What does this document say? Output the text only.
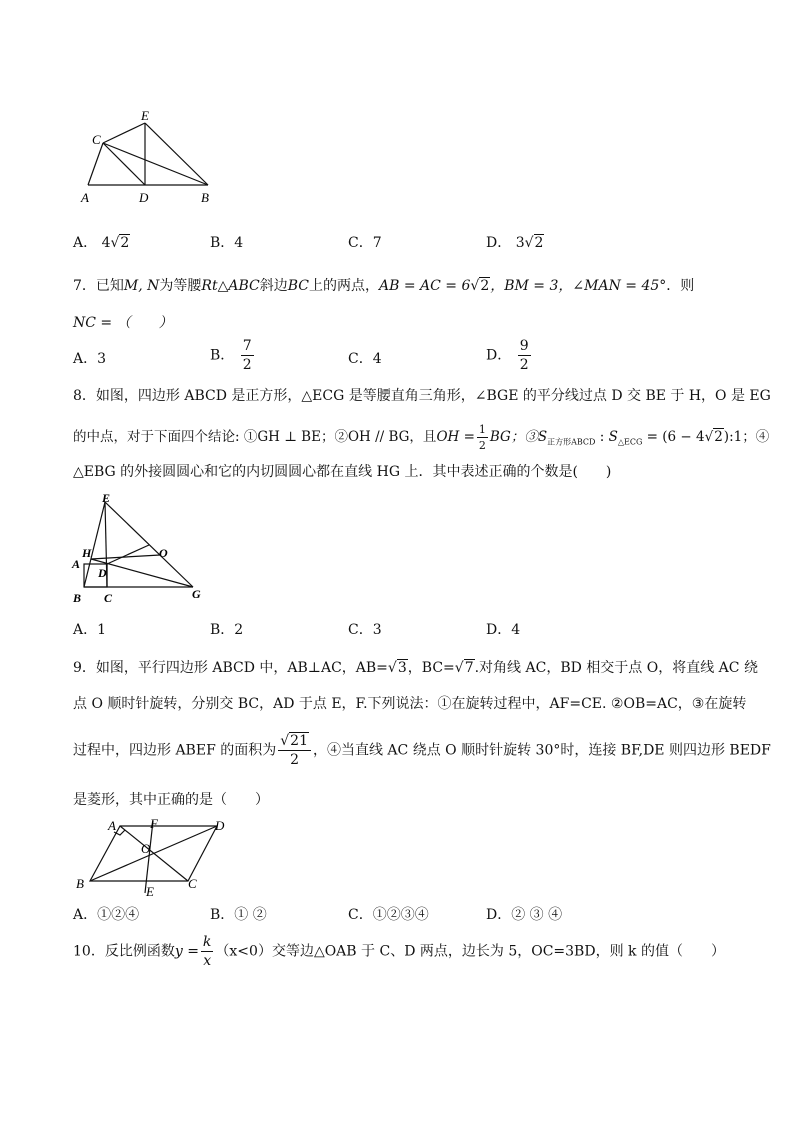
E
C
A	D	B
A． 4√2	B．4	C．7	D． 3√2
7．已知M, N为等腰Rt△ABC斜边BC上的两点，AB = AC = 6√2，BM = 3，∠MAN = 45°．则
NC = （　　）
A．3	B． $\frac{7}{2}$	C．4	D． $\frac{9}{2}$
8．如图，四边形 ABCD 是正方形，△ECG 是等腰直角三角形，∠BGE 的平分线过点 D 交 BE 于 H，O 是 EG
的中点，对于下面四个结论: ①GH ⊥ BE；②OH // BG，且OH = $\frac{1}{2}$ BG；$③S_{正方形ABCD}$ : $S_{\triangle ECG} = (6$ − 4√2):1；④
△EBG 的外接圆圆心和它的内切圆圆心都在直线 HG 上．其中表述正确的个数是(　　)
E
H	O
A
D
B C	G
A．1	B．2	C．3	D．4
9．如图，平行四边形 ABCD 中，AB⊥AC，AB=√3，BC=√7.对角线 AC，BD 相交于点 O，将直线 AC 绕
点 O 顺时针旋转，分别交 BC，AD 于点 E，F.下列说法：①在旋转过程中，AF=CE. ②OB=AC，③在旋转
过程中，四边形 ABEF 的面积为 $\frac{√21}{2}$ ，④当直线 AC 绕点 O 顺时针旋转 30°时，连接 BF,DE 则四边形 BEDF
是菱形，其中正确的是（　　）
A	F	D
O
B
E
C
A．①②④	B．① ②	C．①②③④	D．② ③ ④
10．反比例函数$y = \frac{k}{x} (x<0)$交等边△OAB 于 C、D 两点，边长为 5，OC=3BD，则 k 的值（　　）
